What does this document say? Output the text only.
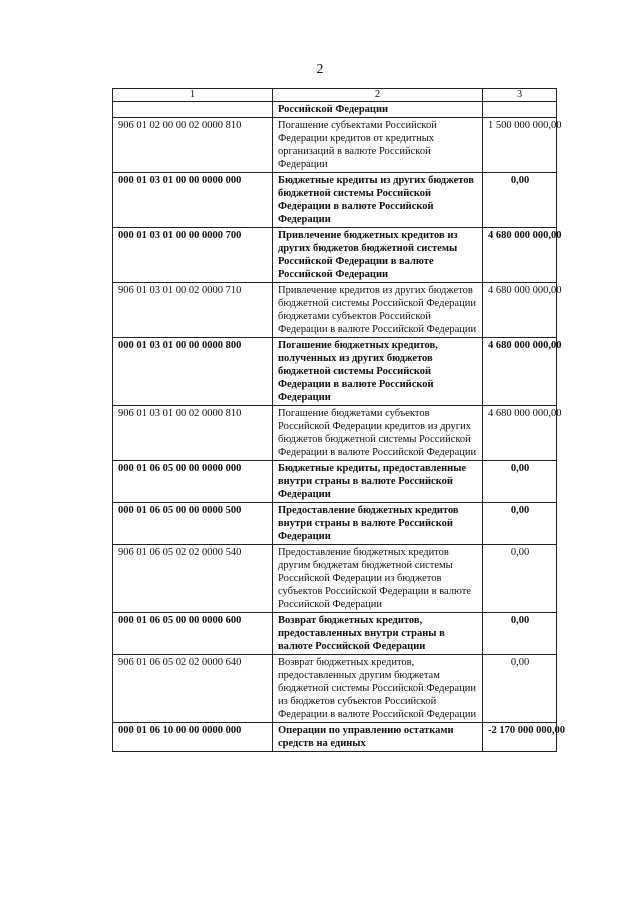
2
1	2	3
	Российской Федерации	
906 01 02 00 00 02 0000 810	Погашение субъектами Российской Федерации кредитов от кредитных организаций в валюте Российской Федерации	1 500 000 000,00
000 01 03 01 00 00 0000 000	Бюджетные кредиты из других бюджетов бюджетной системы Российской Федерации в валюте Российской Федерации	0,00
000 01 03 01 00 00 0000 700	Привлечение бюджетных кредитов из других бюджетов бюджетной системы Российской Федерации в валюте Российской Федерации	4 680 000 000,00
906 01 03 01 00 02 0000 710	Привлечение кредитов из других бюджетов бюджетной системы Российской Федерации бюджетами субъектов Российской Федерации в валюте Российской Федерации	4 680 000 000,00
000 01 03 01 00 00 0000 800	Погашение бюджетных кредитов, полученных из других бюджетов бюджетной системы Российской Федерации в валюте Российской Федерации	4 680 000 000,00
906 01 03 01 00 02 0000 810	Погашение бюджетами субъектов Российской Федерации кредитов из других бюджетов бюджетной системы Российской Федерации в валюте Российской Федерации	4 680 000 000,00
000 01 06 05 00 00 0000 000	Бюджетные кредиты, предоставленные внутри страны в валюте Российской Федерации	0,00
000 01 06 05 00 00 0000 500	Предоставление бюджетных кредитов внутри страны в валюте Российской Федерации	0,00
906 01 06 05 02 02 0000 540	Предоставление бюджетных кредитов другим бюджетам бюджетной системы Российской Федерации из бюджетов субъектов Российской Федерации в валюте Российской Федерации	0,00
000 01 06 05 00 00 0000 600	Возврат бюджетных кредитов, предоставленных внутри страны в валюте Российской Федерации	0,00
906 01 06 05 02 02 0000 640	Возврат бюджетных кредитов, предоставленных другим бюджетам бюджетной системы Российской Федерации из бюджетов субъектов Российской Федерации в валюте Российской Федерации	0,00
000 01 06 10 00 00 0000 000	Операции по управлению остатками средств на единых	-2 170 000 000,00
